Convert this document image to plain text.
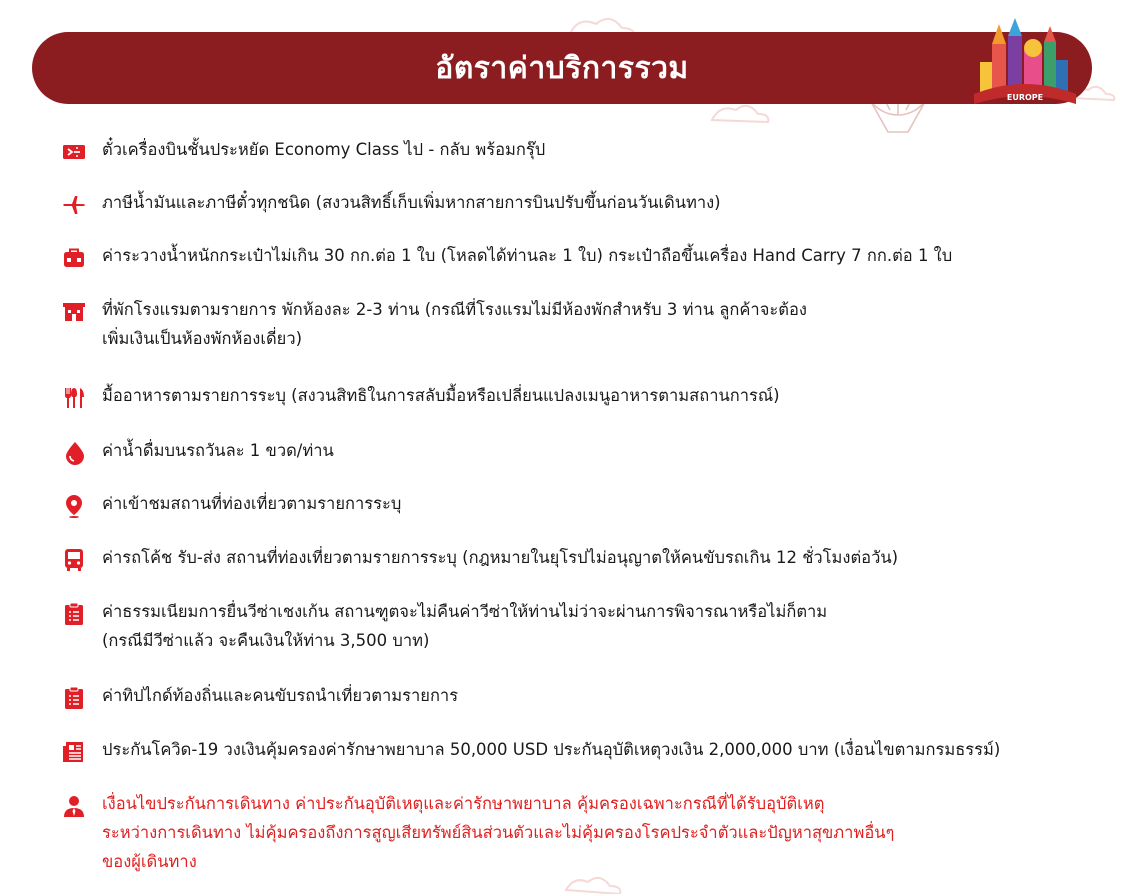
อัตราค่าบริการรวม
EUROPE
ตั๋วเครื่องบินชั้นประหยัด Economy Class ไป - กลับ พร้อมกรุ๊ป
ภาษีน้ำมันและภาษีตั๋วทุกชนิด (สงวนสิทธิ์เก็บเพิ่มหากสายการบินปรับขึ้นก่อนวันเดินทาง)
ค่าระวางน้ำหนักกระเป๋าไม่เกิน 30 กก.ต่อ 1 ใบ (โหลดได้ท่านละ 1 ใบ) กระเป๋าถือขึ้นเครื่อง Hand Carry 7 กก.ต่อ 1 ใบ
ที่พักโรงแรมตามรายการ พักห้องละ 2-3 ท่าน (กรณีที่โรงแรมไม่มีห้องพักสำหรับ 3 ท่าน ลูกค้าจะต้อง
เพิ่มเงินเป็นห้องพักห้องเดี่ยว)
มื้ออาหารตามรายการระบุ (สงวนสิทธิในการสลับมื้อหรือเปลี่ยนแปลงเมนูอาหารตามสถานการณ์)
ค่าน้ำดื่มบนรถวันละ 1 ขวด/ท่าน
ค่าเข้าชมสถานที่ท่องเที่ยวตามรายการระบุ
ค่ารถโค้ช รับ-ส่ง สถานที่ท่องเที่ยวตามรายการระบุ (กฎหมายในยุโรปไม่อนุญาตให้คนขับรถเกิน 12 ชั่วโมงต่อวัน)
ค่าธรรมเนียมการยื่นวีซ่าเชงเก้น สถานฑูตจะไม่คืนค่าวีซ่าให้ท่านไม่ว่าจะผ่านการพิจารณาหรือไม่ก็ตาม
(กรณีมีวีซ่าแล้ว จะคืนเงินให้ท่าน 3,500 บาท)
ค่าทิปไกด์ท้องถิ่นและคนขับรถนำเที่ยวตามรายการ
ประกันโควิด-19 วงเงินคุ้มครองค่ารักษาพยาบาล 50,000 USD ประกันอุบัติเหตุวงเงิน 2,000,000 บาท (เงื่อนไขตามกรมธรรม์)
เงื่อนไขประกันการเดินทาง ค่าประกันอุบัติเหตุและค่ารักษาพยาบาล คุ้มครองเฉพาะกรณีที่ได้รับอุบัติเหตุ
ระหว่างการเดินทาง ไม่คุ้มครองถึงการสูญเสียทรัพย์สินส่วนตัวและไม่คุ้มครองโรคประจำตัวและปัญหาสุขภาพอื่นๆ
ของผู้เดินทาง
